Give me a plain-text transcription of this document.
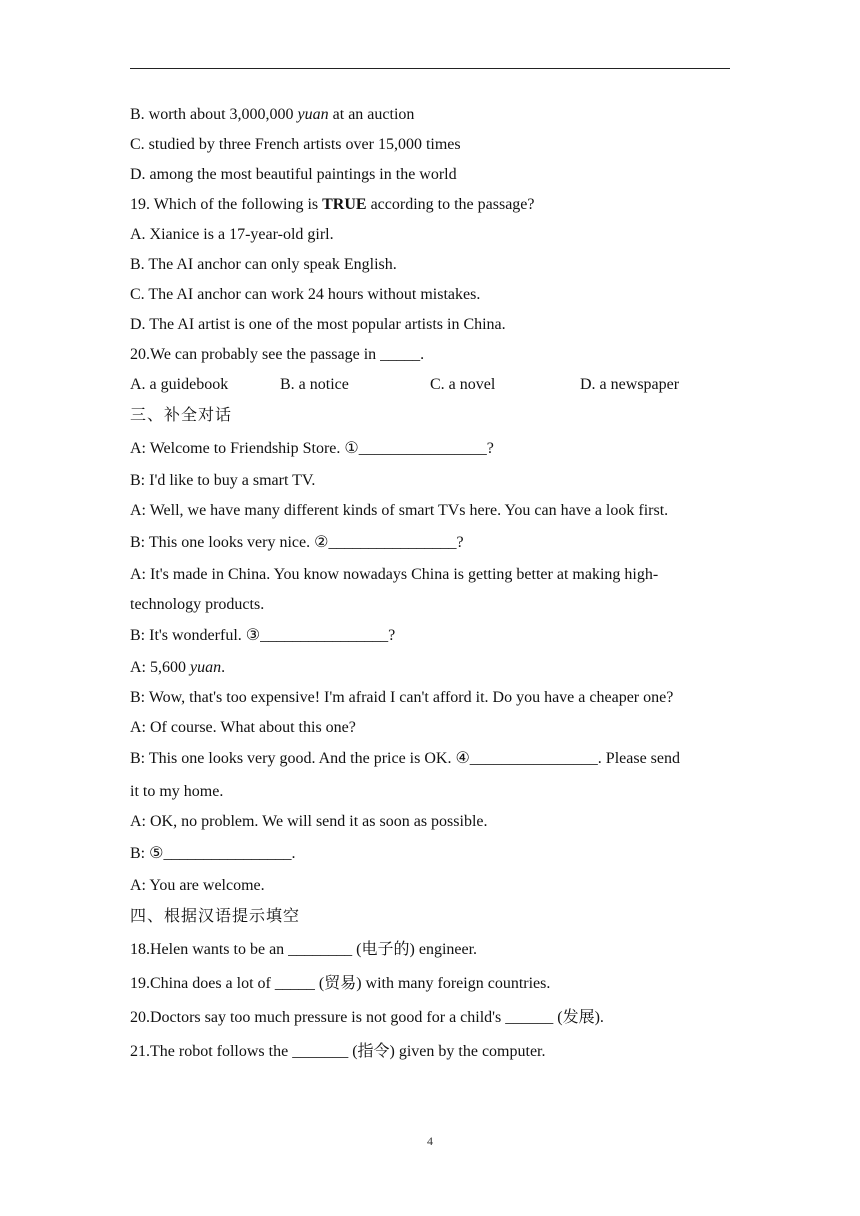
B. worth about 3,000,000 yuan at an auction
C. studied by three French artists over 15,000 times
D. among the most beautiful paintings in the world
19. Which of the following is TRUE according to the passage?
A. Xianice is a 17-year-old girl.
B. The AI anchor can only speak English.
C. The AI anchor can work 24 hours without mistakes.
D. The AI artist is one of the most popular artists in China.
20.We can probably see the passage in _____.
A. a guidebook	B. a notice	C. a novel	D. a newspaper
三、补全对话
A: Welcome to Friendship Store. ①________________?
B: I'd like to buy a smart TV.
A: Well, we have many different kinds of smart TVs here. You can have a look first.
B: This one looks very nice. ②________________?
A: It's made in China. You know nowadays China is getting better at making high-
technology products.
B: It's wonderful. ③________________?
A: 5,600 yuan.
B: Wow, that's too expensive! I'm afraid I can't afford it. Do you have a cheaper one?
A: Of course. What about this one?
B: This one looks very good. And the price is OK. ④________________. Please send
it to my home.
A: OK, no problem. We will send it as soon as possible.
B: ⑤________________.
A: You are welcome.
四、根据汉语提示填空
18.Helen wants to be an ________ (电子的) engineer.
19.China does a lot of _____ (贸易) with many foreign countries.
20.Doctors say too much pressure is not good for a child's ______ (发展).
21.The robot follows the _______ (指令) given by the computer.
4
